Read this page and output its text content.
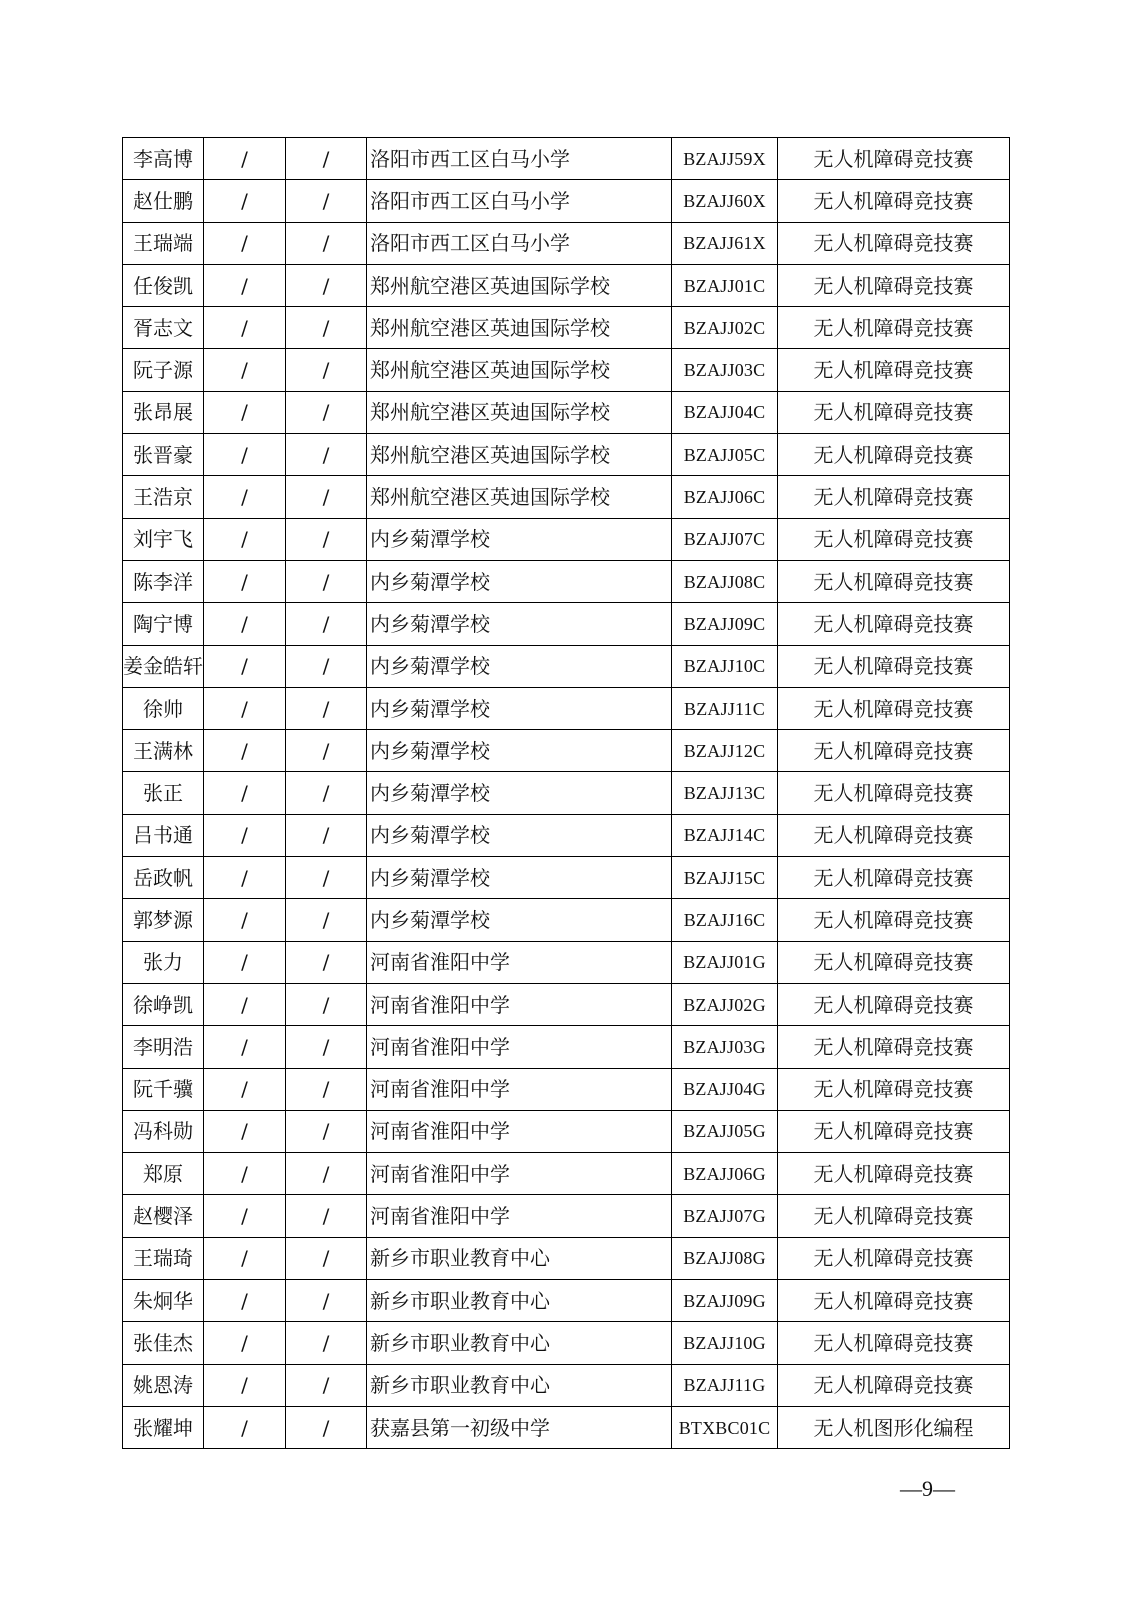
李高博	/	/	洛阳市西工区白马小学	BZAJJ59X	无人机障碍竞技赛
赵仕鹏	/	/	洛阳市西工区白马小学	BZAJJ60X	无人机障碍竞技赛
王瑞端	/	/	洛阳市西工区白马小学	BZAJJ61X	无人机障碍竞技赛
任俊凯	/	/	郑州航空港区英迪国际学校	BZAJJ01C	无人机障碍竞技赛
胥志文	/	/	郑州航空港区英迪国际学校	BZAJJ02C	无人机障碍竞技赛
阮子源	/	/	郑州航空港区英迪国际学校	BZAJJ03C	无人机障碍竞技赛
张昂展	/	/	郑州航空港区英迪国际学校	BZAJJ04C	无人机障碍竞技赛
张晋豪	/	/	郑州航空港区英迪国际学校	BZAJJ05C	无人机障碍竞技赛
王浩京	/	/	郑州航空港区英迪国际学校	BZAJJ06C	无人机障碍竞技赛
刘宇飞	/	/	内乡菊潭学校	BZAJJ07C	无人机障碍竞技赛
陈李洋	/	/	内乡菊潭学校	BZAJJ08C	无人机障碍竞技赛
陶宁博	/	/	内乡菊潭学校	BZAJJ09C	无人机障碍竞技赛
姜金皓轩	/	/	内乡菊潭学校	BZAJJ10C	无人机障碍竞技赛
徐帅	/	/	内乡菊潭学校	BZAJJ11C	无人机障碍竞技赛
王满林	/	/	内乡菊潭学校	BZAJJ12C	无人机障碍竞技赛
张正	/	/	内乡菊潭学校	BZAJJ13C	无人机障碍竞技赛
吕书通	/	/	内乡菊潭学校	BZAJJ14C	无人机障碍竞技赛
岳政帆	/	/	内乡菊潭学校	BZAJJ15C	无人机障碍竞技赛
郭梦源	/	/	内乡菊潭学校	BZAJJ16C	无人机障碍竞技赛
张力	/	/	河南省淮阳中学	BZAJJ01G	无人机障碍竞技赛
徐峥凯	/	/	河南省淮阳中学	BZAJJ02G	无人机障碍竞技赛
李明浩	/	/	河南省淮阳中学	BZAJJ03G	无人机障碍竞技赛
阮千骥	/	/	河南省淮阳中学	BZAJJ04G	无人机障碍竞技赛
冯科勋	/	/	河南省淮阳中学	BZAJJ05G	无人机障碍竞技赛
郑原	/	/	河南省淮阳中学	BZAJJ06G	无人机障碍竞技赛
赵樱泽	/	/	河南省淮阳中学	BZAJJ07G	无人机障碍竞技赛
王瑞琦	/	/	新乡市职业教育中心	BZAJJ08G	无人机障碍竞技赛
朱炯华	/	/	新乡市职业教育中心	BZAJJ09G	无人机障碍竞技赛
张佳杰	/	/	新乡市职业教育中心	BZAJJ10G	无人机障碍竞技赛
姚恩涛	/	/	新乡市职业教育中心	BZAJJ11G	无人机障碍竞技赛
张耀坤	/	/	获嘉县第一初级中学	BTXBC01C	无人机图形化编程
—9—
